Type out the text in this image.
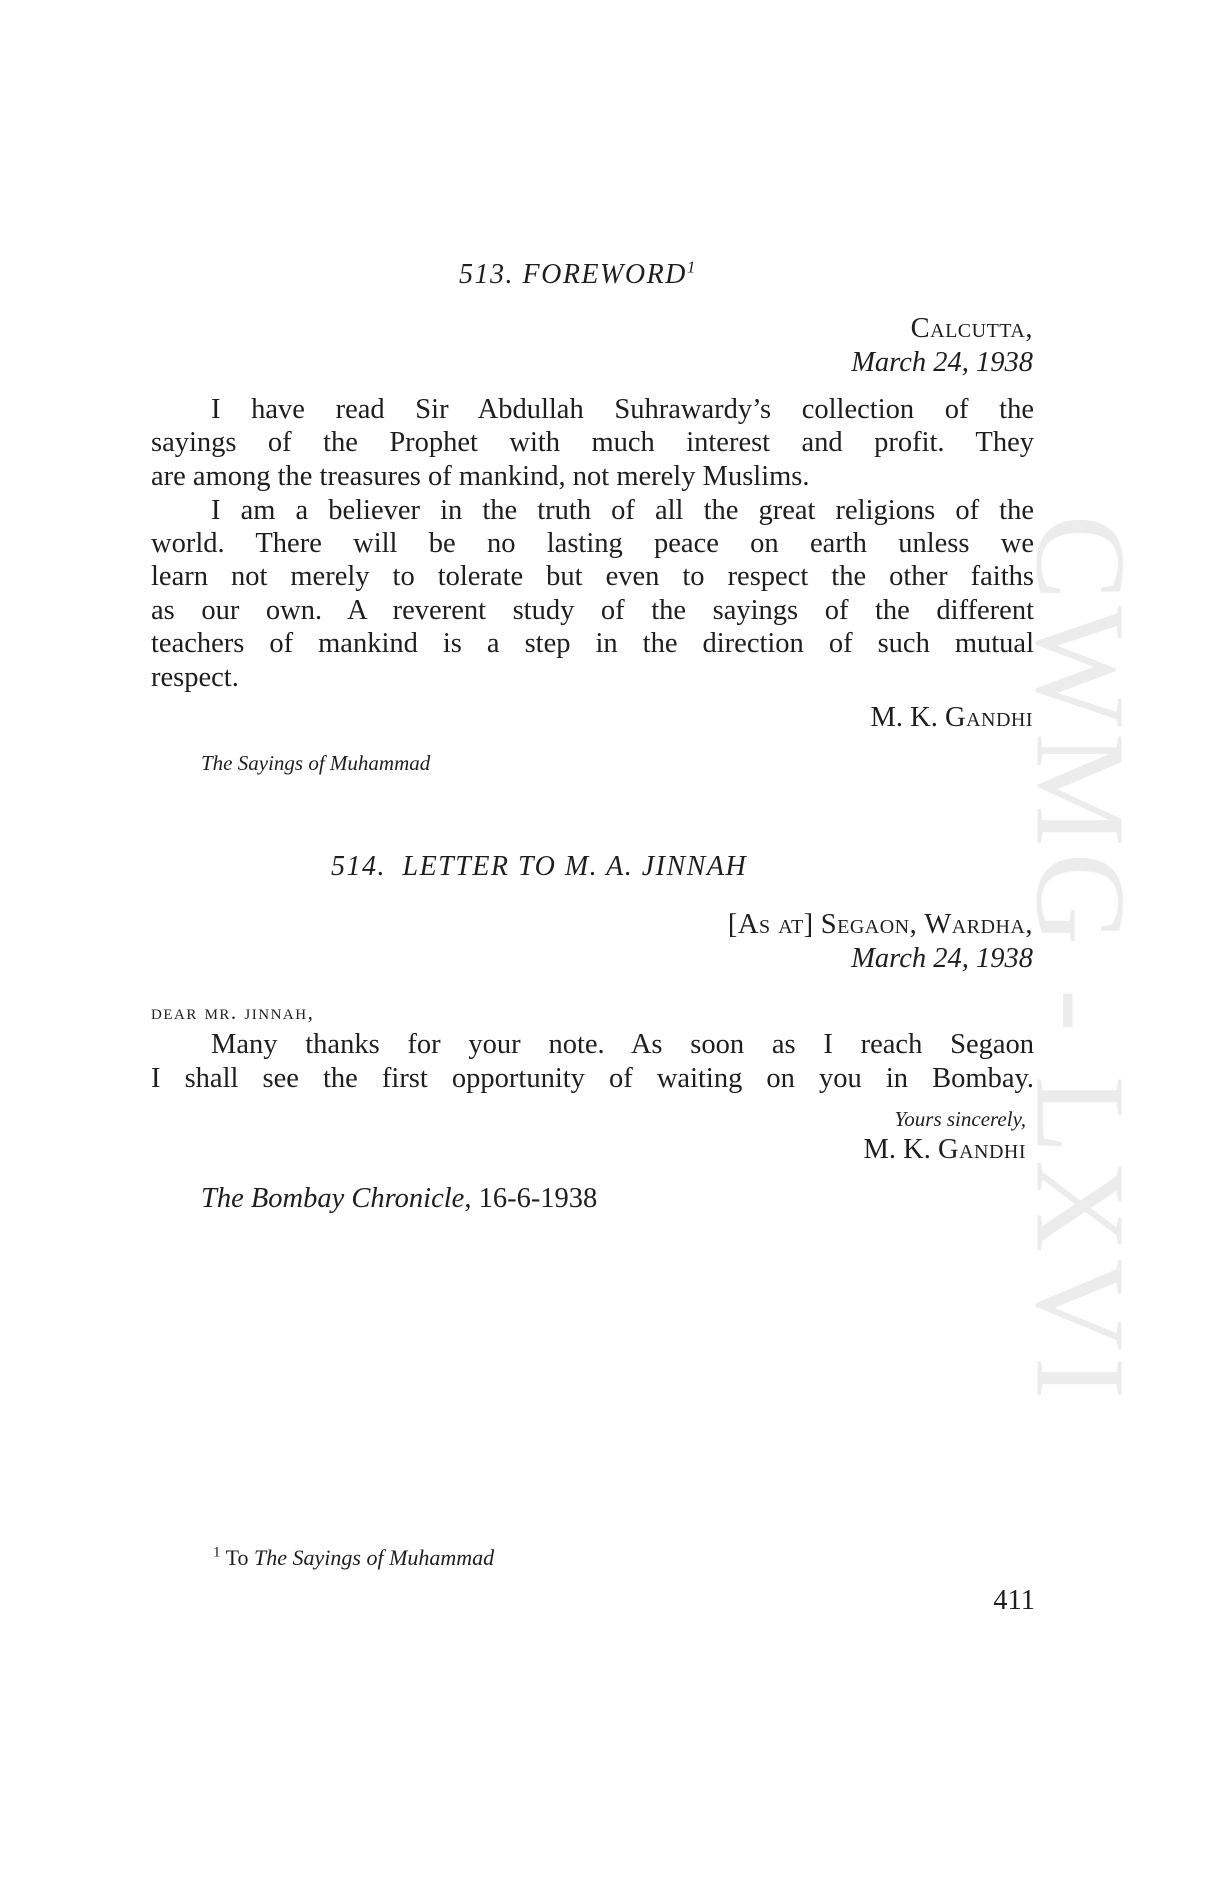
CWMG - LXVI
513. FOREWORD$^1$
Calcutta,
March 24, 1938
I have read Sir Abdullah Suhrawardy’s collection of the
sayings of the Prophet with much interest and profit. They
are among the treasures of mankind, not merely Muslims.
I am a believer in the truth of all the great religions of the
world. There will be no lasting peace on earth unless we
learn not merely to tolerate but even to respect the other faiths
as our own. A reverent study of the sayings of the different
teachers of mankind is a step in the direction of such mutual
respect.
M. K. Gandhi
The Sayings of Muhammad
514. LETTER TO M. A. JINNAH
[As at] Segaon, Wardha,
March 24, 1938
dear mr. jinnah,
Many thanks for your note. As soon as I reach Segaon
I shall see the first opportunity of waiting on you in Bombay.
Yours sincerely,
M. K. Gandhi
The Bombay Chronicle, 16-6-1938
$^1$ To The Sayings of Muhammad
411
